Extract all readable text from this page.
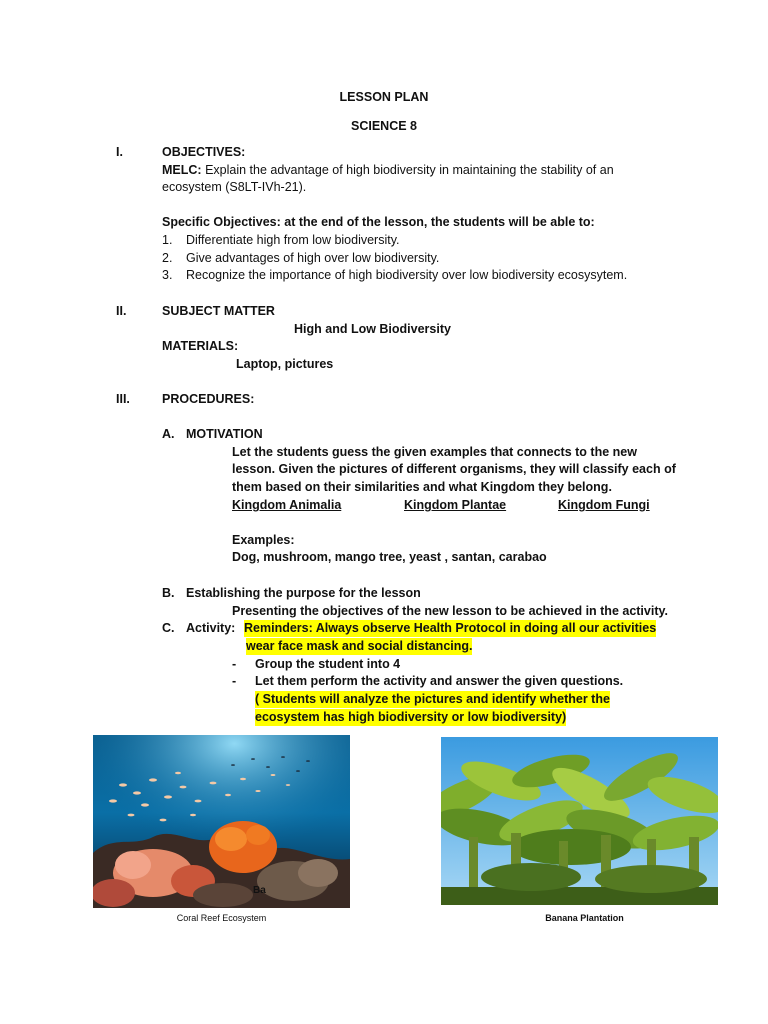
LESSON PLAN
SCIENCE 8
I.	OBJECTIVES:
MELC: Explain the advantage of high biodiversity in maintaining the stability of an
ecosystem (S8LT-IVh-21).
Specific Objectives: at the end of the lesson, the students will be able to:
1. Differentiate high from low biodiversity.
2. Give advantages of high over low biodiversity.
3. Recognize the importance of high biodiversity over low biodiversity ecosysytem.
II.	SUBJECT MATTER
High and Low Biodiversity
MATERIALS:
Laptop, pictures
III.	PROCEDURES:
A. MOTIVATION
Let the students guess the given examples that connects to the new
lesson. Given the pictures of different organisms, they will classify each of
them based on their similarities and what Kingdom they belong.
Kingdom Animalia	Kingdom Plantae	Kingdom Fungi
Examples:
Dog, mushroom, mango tree, yeast , santan, carabao
B. Establishing the purpose for the lesson
Presenting the objectives of the new lesson to be achieved in the activity.
C. Activity: Reminders: Always observe Health Protocol in doing all our activities
wear face mask and social distancing.
- Group the student into 4
- Let them perform the activity and answer the given questions.
( Students will analyze the pictures and identify whether the
ecosystem has high biodiversity or low biodiversity)
Ba
Coral Reef Ecosystem	Banana Plantation
